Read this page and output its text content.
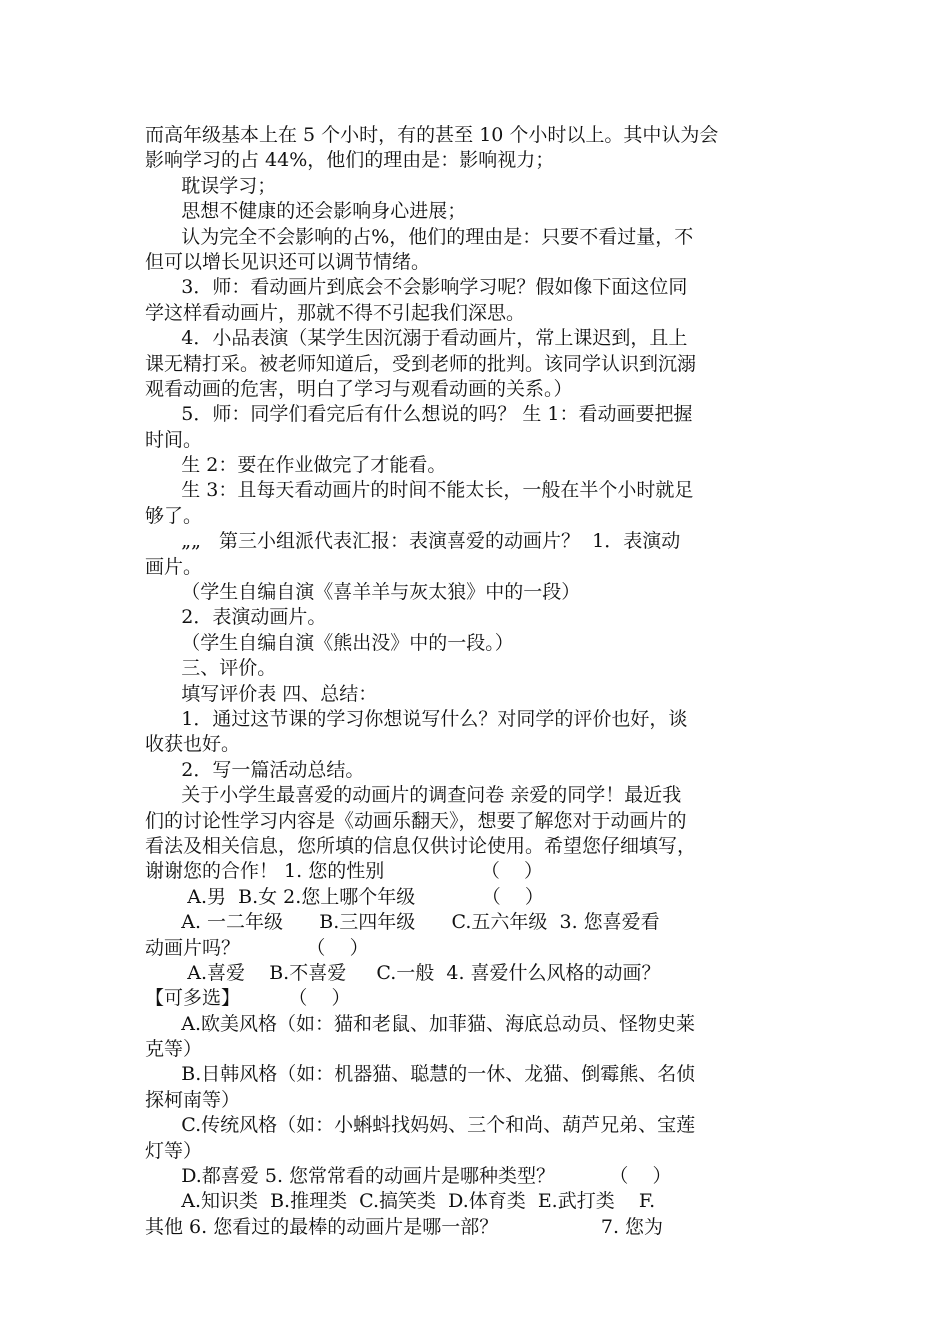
而高年级基本上在 5 个小时，有的甚至 10 个小时以上。其中认为会
影响学习的占 44%，他们的理由是：影响视力；
耽误学习；
思想不健康的还会影响身心进展；
认为完全不会影响的占%，他们的理由是：只要不看过量，不
但可以增长见识还可以调节情绪。
3．师：看动画片到底会不会影响学习呢？假如像下面这位同
学这样看动画片，那就不得不引起我们深思。
4．小品表演（某学生因沉溺于看动画片，常上课迟到，且上
课无精打采。被老师知道后，受到老师的批判。该同学认识到沉溺
观看动画的危害，明白了学习与观看动画的关系。）
5．师：同学们看完后有什么想说的吗？ 生 1：看动画要把握
时间。
生 2：要在作业做完了才能看。
生 3：且每天看动画片的时间不能太长，一般在半个小时就足
够了。
„„   第三小组派代表汇报：表演喜爱的动画片？  1．表演动
画片。
（学生自编自演《喜羊羊与灰太狼》中的一段）
2．表演动画片。
（学生自编自演《熊出没》中的一段。）
三、评价。
填写评价表 四、总结：
1．通过这节课的学习你想说写什么？对同学的评价也好，谈
收获也好。
2．写一篇活动总结。
关于小学生最喜爱的动画片的调查问卷 亲爱的同学！最近我
们的讨论性学习内容是《动画乐翻天》，想要了解您对于动画片的
看法及相关信息，您所填的信息仅供讨论使用。希望您仔细填写，
谢谢您的合作！ 1. 您的性别                （    ）
A.男  B.女 2.您上哪个年级           （    ）
A. 一二年级      B.三四年级      C.五六年级  3. 您喜爱看
动画片吗？           （    ）
A.喜爱    B.不喜爱     C.一般  4. 喜爱什么风格的动画？
【可多选】        （    ）
A.欧美风格（如：猫和老鼠、加菲猫、海底总动员、怪物史莱
克等）
B.日韩风格（如：机器猫、聪慧的一休、龙猫、倒霉熊、名侦
探柯南等）
C.传统风格（如：小蝌蚪找妈妈、三个和尚、葫芦兄弟、宝莲
灯等）
D.都喜爱 5. 您常常看的动画片是哪种类型？         （    ）
A.知识类  B.推理类  C.搞笑类  D.体育类  E.武打类    F.
其他 6. 您看过的最棒的动画片是哪一部？                 7. 您为
